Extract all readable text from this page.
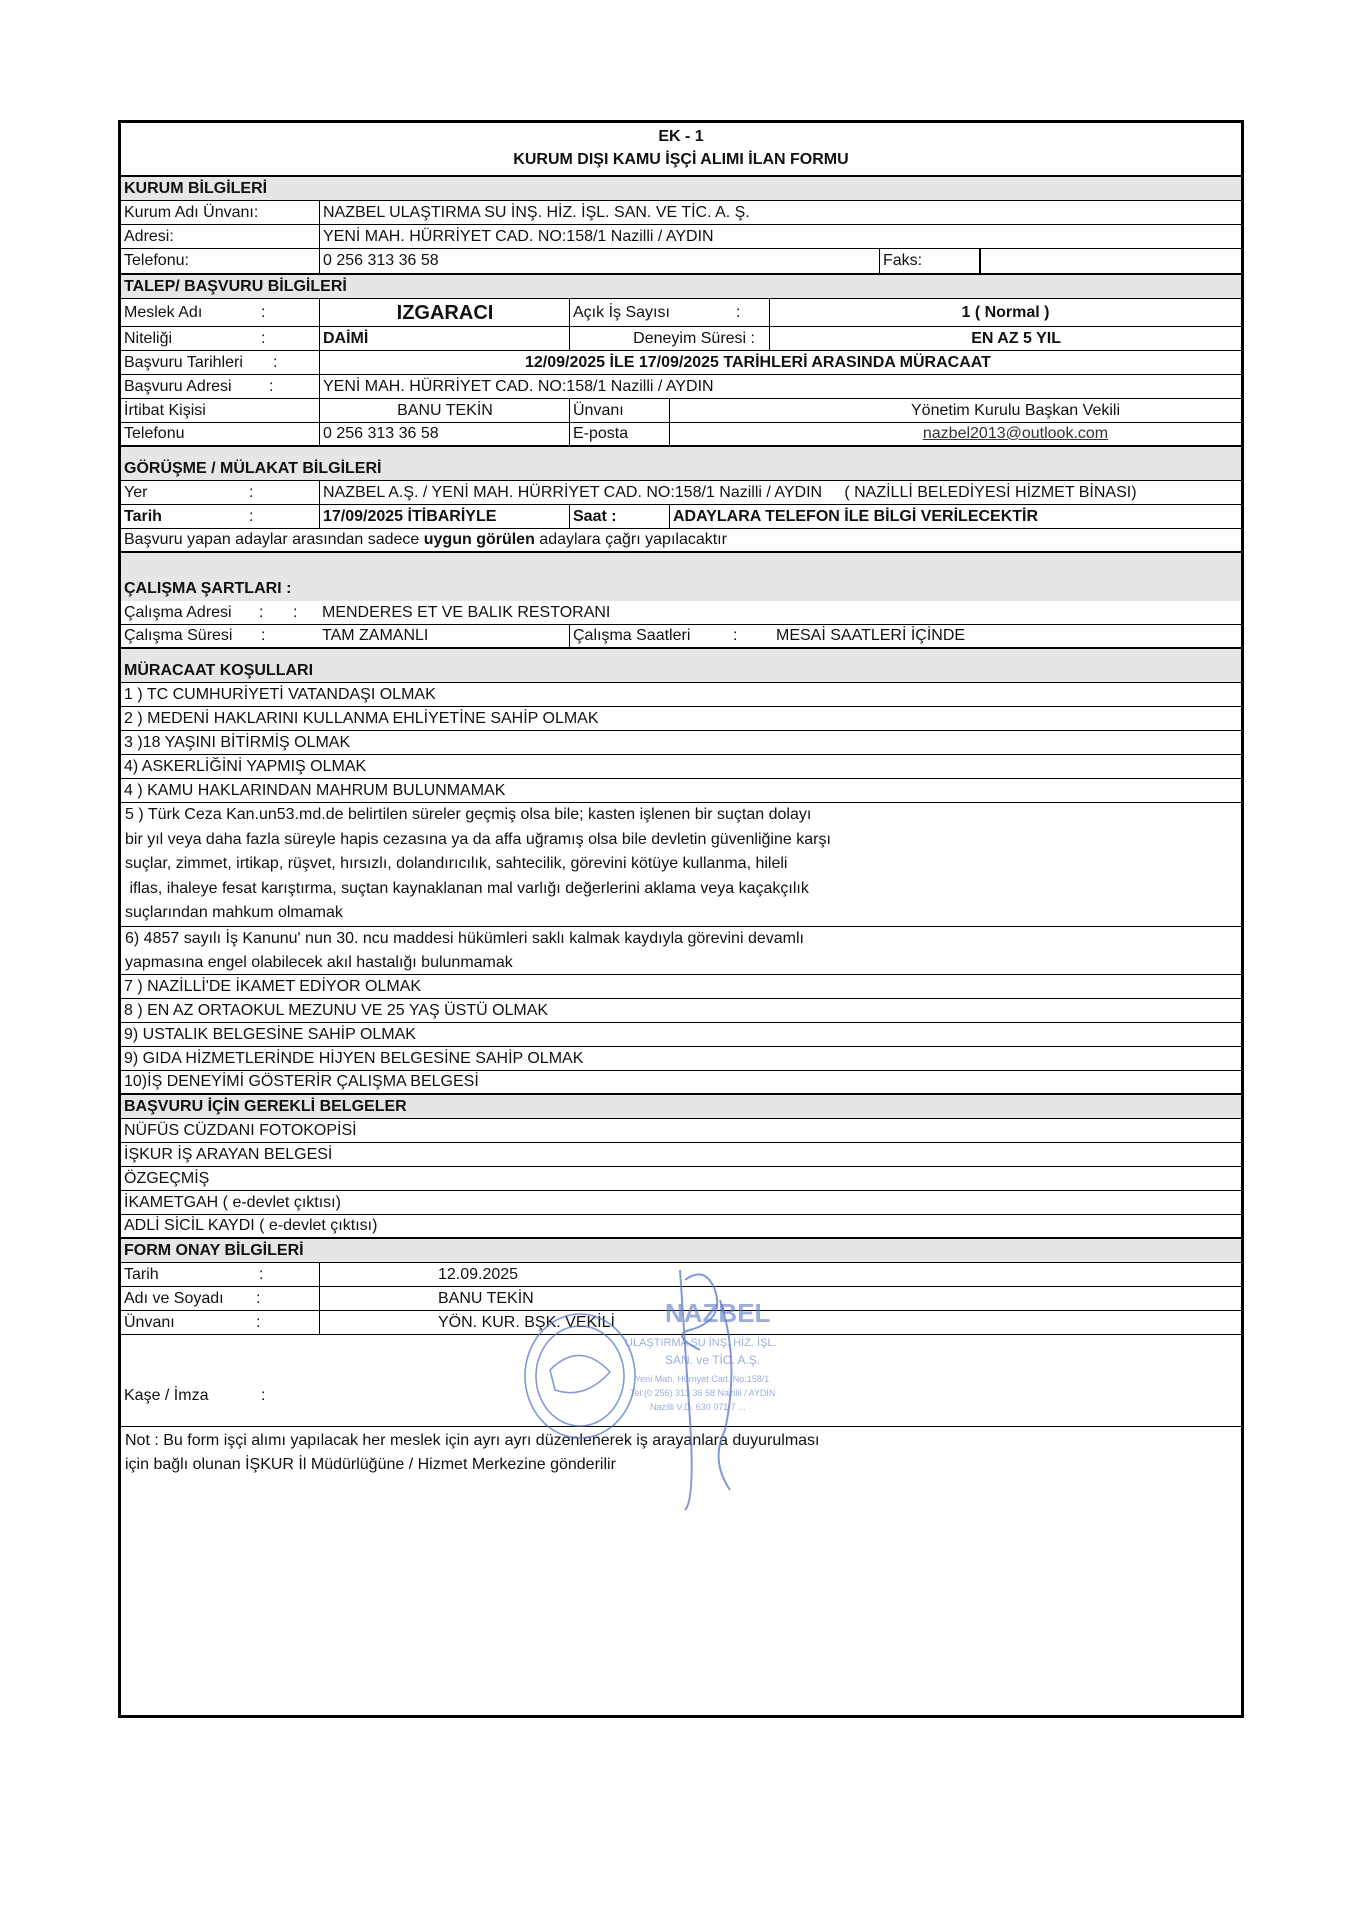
EK - 1
KURUM DIŞI KAMU İŞÇİ ALIMI İLAN FORMU
KURUM BİLGİLERİ
Kurum Adı Ünvanı:	NAZBEL ULAŞTIRMA SU İNŞ. HİZ. İŞL. SAN. VE TİC. A. Ş.
Adresi:	YENİ MAH. HÜRRİYET CAD. NO:158/1 Nazilli / AYDIN
Telefonu:	0 256 313 36 58	Faks:
TALEP/ BAŞVURU BİLGİLERİ
Meslek Adı	:	IZGARACI	Açık İş Sayısı	:	1 ( Normal )
Niteliği	:	DAİMİ	Deneyim Süresi :	EN AZ 5 YIL
Başvuru Tarihleri	:	12/09/2025 İLE 17/09/2025 TARİHLERİ ARASINDA MÜRACAAT
Başvuru Adresi	:	YENİ MAH. HÜRRİYET CAD. NO:158/1 Nazilli / AYDIN
İrtibat Kişisi	BANU TEKİN	Ünvanı	Yönetim Kurulu Başkan Vekili
Telefonu	0 256 313 36 58	E-posta	nazbel2013@outlook.com
GÖRÜŞME / MÜLAKAT BİLGİLERİ
Yer	:	NAZBEL A.Ş. / YENİ MAH. HÜRRİYET CAD. NO:158/1 Nazilli / AYDIN     ( NAZİLLİ BELEDİYESİ HİZMET BİNASI)
Tarih	:	17/09/2025 İTİBARİYLE	Saat :	ADAYLARA TELEFON İLE BİLGİ VERİLECEKTİR
Başvuru yapan adaylar arasından sadece uygun görülen adaylara çağrı yapılacaktır
ÇALIŞMA ŞARTLARI :
Çalışma Adresi	:	:	MENDERES ET VE BALIK RESTORANI
Çalışma Süresi	:	TAM ZAMANLI	Çalışma Saatleri	:	MESAİ SAATLERİ İÇİNDE
MÜRACAAT KOŞULLARI
1 ) TC CUMHURİYETİ VATANDAŞI OLMAK
2 ) MEDENİ HAKLARINI KULLANMA EHLİYETİNE SAHİP OLMAK
3 )18 YAŞINI BİTİRMİŞ OLMAK
4) ASKERLİĞİNİ YAPMIŞ OLMAK
4 ) KAMU HAKLARINDAN MAHRUM BULUNMAMAK
5 ) Türk Ceza Kan.un53.md.de belirtilen süreler geçmiş olsa bile; kasten işlenen bir suçtan dolayı
bir yıl veya daha fazla süreyle hapis cezasına ya da affa uğramış olsa bile devletin güvenliğine karşı
suçlar, zimmet, irtikap, rüşvet, hırsızlı, dolandırıcılık, sahtecilik, görevini kötüye kullanma, hileli
iflas, ihaleye fesat karıştırma, suçtan kaynaklanan mal varlığı değerlerini aklama veya kaçakçılık
suçlarından mahkum olmamak
6) 4857 sayılı İş Kanunu' nun 30. ncu maddesi hükümleri saklı kalmak kaydıyla görevini devamlı
yapmasına engel olabilecek akıl hastalığı bulunmamak
7 ) NAZİLLİ'DE İKAMET EDİYOR OLMAK
8 ) EN AZ ORTAOKUL MEZUNU VE 25 YAŞ ÜSTÜ OLMAK
9) USTALIK BELGESİNE SAHİP OLMAK
9) GIDA HİZMETLERİNDE HİJYEN BELGESİNE SAHİP OLMAK
10)İŞ DENEYİMİ GÖSTERİR ÇALIŞMA BELGESİ
BAŞVURU İÇİN GEREKLİ BELGELER
NÜFÜS CÜZDANI FOTOKOPİSİ
İŞKUR İŞ ARAYAN BELGESİ
ÖZGEÇMİŞ
İKAMETGAH ( e-devlet çıktısı)
ADLİ SİCİL KAYDI ( e-devlet çıktısı)
FORM ONAY BİLGİLERİ
Tarih	:	12.09.2025
Adı ve Soyadı	:	BANU TEKİN
Ünvanı	:	YÖN. KUR. BŞK. VEKİLİ
Kaşe / İmza	:
Not : Bu form işçi alımı yapılacak her meslek için ayrı ayrı düzenlenerek iş arayanlara duyurulması
için bağlı olunan İŞKUR İl Müdürlüğüne / Hizmet Merkezine gönderilir
NAZBEL
ULAŞTIRMA SU İNŞ. HİZ. İŞL.
SAN. ve TİC. A.Ş.
Yeni Mah. Hürriyet Cad. No:158/1
Tel:(0 256) 313 36 58 Nazilli / AYDIN
Nazilli V.D. 630 071 7 ...
